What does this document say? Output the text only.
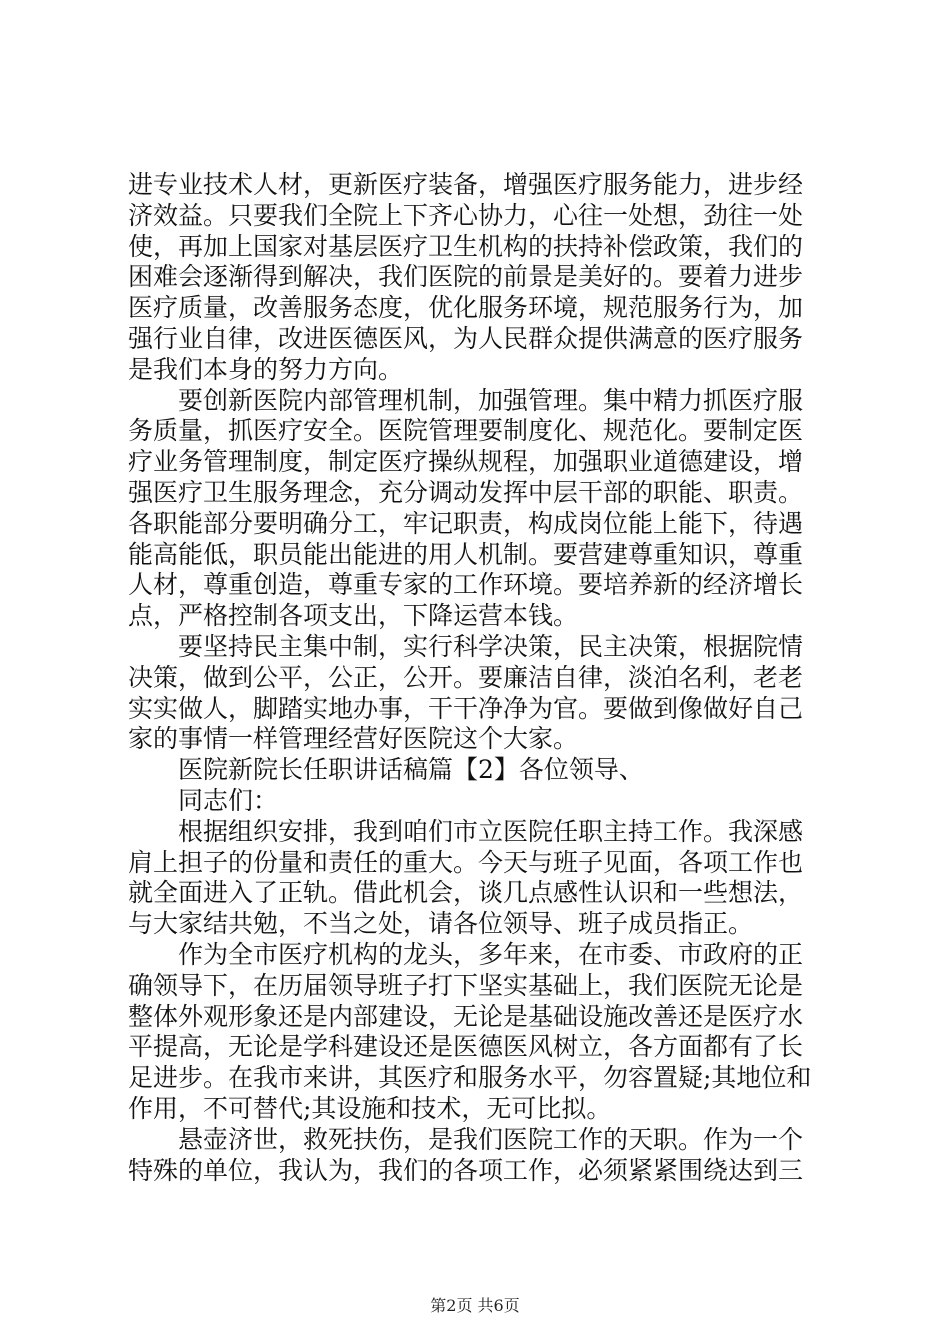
进专业技术人材，更新医疗装备，增强医疗服务能力，进步经
济效益。只要我们全院上下齐心协力，心往一处想，劲往一处
使，再加上国家对基层医疗卫生机构的扶持补偿政策，我们的
困难会逐渐得到解决，我们医院的前景是美好的。要着力进步
医疗质量，改善服务态度，优化服务环境，规范服务行为，加
强行业自律，改进医德医风，为人民群众提供满意的医疗服务
是我们本身的努力方向。
　　要创新医院内部管理机制，加强管理。集中精力抓医疗服
务质量，抓医疗安全。医院管理要制度化、规范化。要制定医
疗业务管理制度，制定医疗操纵规程，加强职业道德建设，增
强医疗卫生服务理念，充分调动发挥中层干部的职能、职责。
各职能部分要明确分工，牢记职责，构成岗位能上能下，待遇
能高能低，职员能出能进的用人机制。要营建尊重知识，尊重
人材，尊重创造，尊重专家的工作环境。要培养新的经济增长
点，严格控制各项支出，下降运营本钱。
　　要坚持民主集中制，实行科学决策，民主决策，根据院情
决策，做到公平，公正，公开。要廉洁自律，淡泊名利，老老
实实做人，脚踏实地办事，干干净净为官。要做到像做好自己
家的事情一样管理经营好医院这个大家。
　　医院新院长任职讲话稿篇【2】各位领导、
　　同志们：
　　根据组织安排，我到咱们市立医院任职主持工作。我深感
肩上担子的份量和责任的重大。今天与班子见面，各项工作也
就全面进入了正轨。借此机会，谈几点感性认识和一些想法，
与大家结共勉，不当之处，请各位领导、班子成员指正。
　　作为全市医疗机构的龙头，多年来，在市委、市政府的正
确领导下，在历届领导班子打下坚实基础上，我们医院无论是
整体外观形象还是内部建设，无论是基础设施改善还是医疗水
平提高，无论是学科建设还是医德医风树立，各方面都有了长
足进步。在我市来讲，其医疗和服务水平，勿容置疑;其地位和
作用，不可替代;其设施和技术，无可比拟。
　　悬壶济世，救死扶伤，是我们医院工作的天职。作为一个
特殊的单位，我认为，我们的各项工作，必须紧紧围绕达到三
第2页 共6页
